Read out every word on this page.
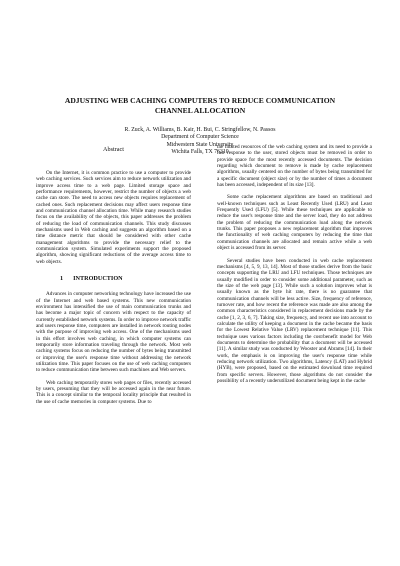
ADJUSTING WEB CACHING COMPUTERS TO REDUCE COMMUNICATION
CHANNEL ALLOCATION
R. Zuck, A. Williams, B. Kair, H. Bui, C. Stringfellow, N. Passos
Department of Computer Science
Midwestern State University
Wichita Falls, TX 76310
Abstract

On the Internet, it is common practice to use a computer to provide web caching services. Such services aim to reduce network utilization and improve access time to a web page. Limited storage space and performance requirements, however, restrict the number of objects a web cache can store. The need to access new objects requires replacement of cached ones. Such replacement decisions may affect users response time and communication channel allocation time. While many research studies focus on the availability of the objects, this paper addresses the problem of reducing the load of communication channels. This study discusses mechanisms used in Web caching and suggests an algorithm based on a time distance metric that should be considered with other cache management algorithms to provide the necessary relief to the communication system. Simulated experiments support the proposed algorithm, showing significant reductions of the average access time to web objects.

1 INTRODUCTION

Advances in computer networking technology have increased the use of the Internet and web based systems. This new communication environment has intensified the use of main communication trunks and has become a major topic of concern with respect to the capacity of currently established network systems. In order to improve network traffic and users response time, computers are installed in network routing nodes with the purpose of improving web access. One of the mechanisms used in this effort involves web caching, in which computer systems can temporarily store information traveling through the network. Most web caching systems focus on reducing the number of bytes being transmitted or improving the user's response time without addressing the network utilization time. This paper focuses on the use of web caching computers to reduce communication time between such machines and Web servers.

Web caching temporarily stores web pages or files, recently accessed by users, presuming that they will be accessed again in the near future. This is a concept similar to the temporal locality principle that resulted in the use of cache memories in computer systems. Due to

the limited resources of the web caching system and its need to provide a fast response to the user, stored objects must be removed in order to provide space for the most recently accessed documents. The decision regarding which document to remove is made by cache replacement algorithms, usually centered on the number of bytes being transmitted for a specific document (object size) or by the number of times a document has been accessed, independent of its size [13].

Some cache replacement algorithms are based on traditional and well-known techniques such as Least Recently Used (LRU) and Least Frequently Used (LFU) [5]. While these techniques are applicable to reduce the user's response time and the server load, they do not address the problem of reducing the communication load along the network trunks. This paper proposes a new replacement algorithm that improves the functionality of web caching computers by reducing the time that communication channels are allocated and remain active while a web object is accessed from its server.

Several studies have been conducted in web cache replacement mechanisms [4, 5, 9, 13, 14]. Most of those studies derive from the basic concepts supporting the LRU and LFU techniques. Those techniques are usually modified in order to consider some additional parameter, such as the size of the web page [13]. While such a solution improves what is usually known as the byte hit rate, there is no guarantee that communication channels will be less active. Size, frequency of reference, turnover rate, and how recent the reference was made are also among the common characteristics considered in replacement decisions made by the cache [1, 2, 3, 6, 7]. Taking size, frequency, and recent use into account to calculate the utility of keeping a document in the cache became the basis for the Lowest Relative Value (LRV) replacement technique [11]. This technique uses various factors including the cost/benefit model for Web documents to determine the probability that a document will be accessed [11]. A similar study was conducted by Wooster and Abrams [14]. In their work, the emphasis is on improving the user's response time while reducing network utilization. Two algorithms, Latency (LAT) and Hybrid (HYB), were proposed, based on the estimated download time required from specific servers. However, those algorithms do not consider the possibility of a recently underutilized document being kept in the cache
